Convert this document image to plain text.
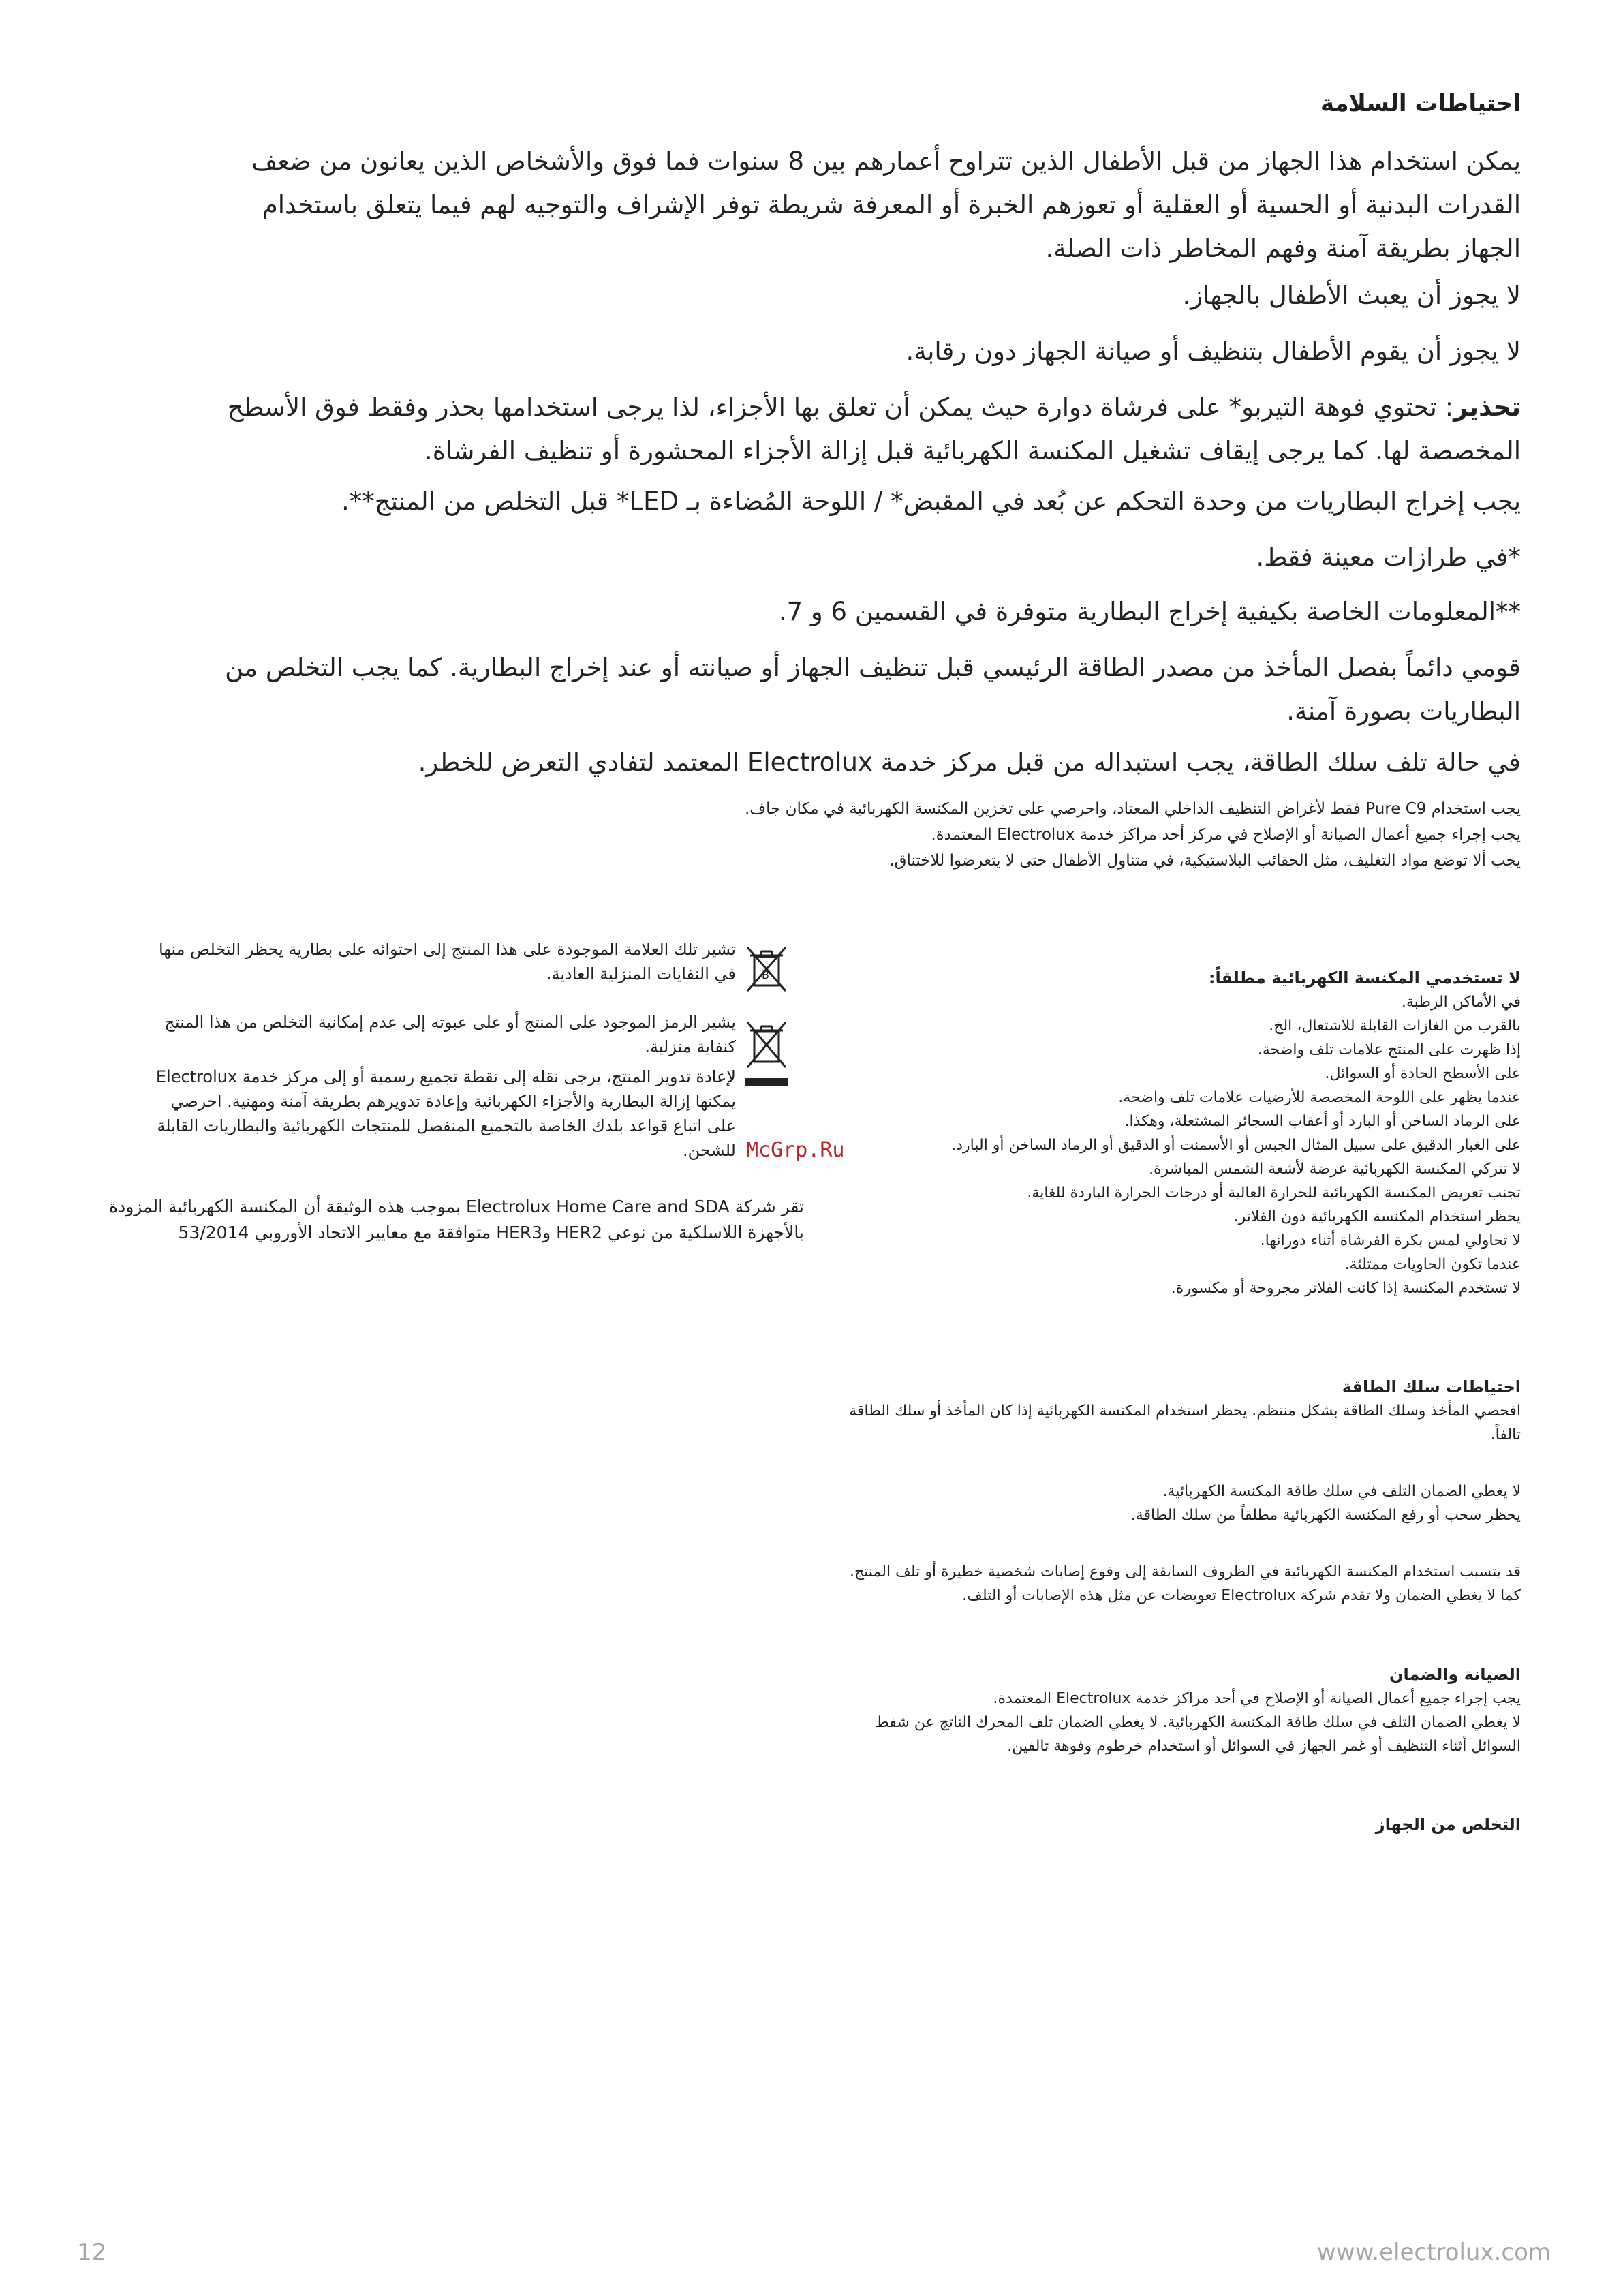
احتياطات السلامة

يمكن استخدام هذا الجهاز من قبل الأطفال الذين تتراوح أعمارهم بين 8 سنوات فما فوق والأشخاص الذين يعانون من ضعف القدرات البدنية أو الحسية أو العقلية أو تعوزهم الخبرة أو المعرفة شريطة توفر الإشراف والتوجيه لهم فيما يتعلق باستخدام الجهاز بطريقة آمنة وفهم المخاطر ذات الصلة.

لا يجوز أن يعبث الأطفال بالجهاز.

لا يجوز أن يقوم الأطفال بتنظيف أو صيانة الجهاز دون رقابة.

تحذير: تحتوي فوهة التيربو* على فرشاة دوارة حيث يمكن أن تعلق بها الأجزاء، لذا يرجى استخدامها بحذر وفقط فوق الأسطح المخصصة لها. كما يرجى إيقاف تشغيل المكنسة الكهربائية قبل إزالة الأجزاء المحشورة أو تنظيف الفرشاة.

يجب إخراج البطاريات من وحدة التحكم عن بُعد في المقبض* / اللوحة المُضاءة بـ LED* قبل التخلص من المنتج**.

*في طرازات معينة فقط.

**المعلومات الخاصة بكيفية إخراج البطارية متوفرة في القسمين 6 و 7.

قومي دائماً بفصل المأخذ من مصدر الطاقة الرئيسي قبل تنظيف الجهاز أو صيانته أو عند إخراج البطارية. كما يجب التخلص من البطاريات بصورة آمنة.

في حالة تلف سلك الطاقة، يجب استبداله من قبل مركز خدمة Electrolux المعتمد لتفادي التعرض للخطر.

يجب استخدام Pure C9 فقط لأغراض التنظيف الداخلي المعتاد، واحرصي على تخزين المكنسة الكهربائية في مكان جاف.
يجب إجراء جميع أعمال الصيانة أو الإصلاح في مركز أحد مراكز خدمة Electrolux المعتمدة.
يجب ألا توضع مواد التغليف، مثل الحقائب البلاستيكية، في متناول الأطفال حتى لا يتعرضوا للاختناق.
لا تستخدمي المكنسة الكهربائية مطلقاً:
في الأماكن الرطبة.
بالقرب من الغازات القابلة للاشتعال، الخ.
إذا ظهرت على المنتج علامات تلف واضحة.
على الأسطح الحادة أو السوائل.
عندما يظهر على اللوحة المخصصة للأرضيات علامات تلف واضحة.
على الرماد الساخن أو البارد أو أعقاب السجائر المشتعلة، وهكذا.
على الغبار الدقيق على سبيل المثال الجبس أو الأسمنت أو الدقيق أو الرماد الساخن أو البارد.
لا تتركي المكنسة الكهربائية عرضة لأشعة الشمس المباشرة.
تجنب تعريض المكنسة الكهربائية للحرارة العالية أو درجات الحرارة الباردة للغاية.
يحظر استخدام المكنسة الكهربائية دون الفلاتر.
لا تحاولي لمس بكرة الفرشاة أثناء دورانها.
عندما تكون الحاويات ممتلئة.
لا تستخدم المكنسة إذا كانت الفلاتر مجروحة أو مكسورة.
احتياطات سلك الطاقة
افحصي المأخذ وسلك الطاقة بشكل منتظم. يحظر استخدام المكنسة الكهربائية إذا كان المأخذ أو سلك الطاقة تالفاً.
لا يغطي الضمان التلف في سلك طاقة المكنسة الكهربائية.
يحظر سحب أو رفع المكنسة الكهربائية مطلقاً من سلك الطاقة.
قد يتسبب استخدام المكنسة الكهربائية في الظروف السابقة إلى وقوع إصابات شخصية خطيرة أو تلف المنتج. كما لا يغطي الضمان ولا تقدم شركة Electrolux تعويضات عن مثل هذه الإصابات أو التلف.
الصيانة والضمان
يجب إجراء جميع أعمال الصيانة أو الإصلاح في أحد مراكز خدمة Electrolux المعتمدة.
لا يغطي الضمان التلف في سلك طاقة المكنسة الكهربائية. لا يغطي الضمان تلف المحرك الناتج عن شفط السوائل أثناء التنظيف أو غمر الجهاز في السوائل أو استخدام خرطوم وفوهة تالفين.
التخلص من الجهاز
تشير تلك العلامة الموجودة على هذا المنتج إلى احتوائه على بطارية يحظر التخلص منها في النفايات المنزلية العادية. B
يشير الرمز الموجود على المنتج أو على عبوته إلى عدم إمكانية التخلص من هذا المنتج كنفاية منزلية.
لإعادة تدوير المنتج، يرجى نقله إلى نقطة تجميع رسمية أو إلى مركز خدمة Electrolux يمكنها إزالة البطارية والأجزاء الكهربائية وإعادة تدويرهم بطريقة آمنة ومهنية. احرصي على اتباع قواعد بلدك الخاصة بالتجميع المنفصل للمنتجات الكهربائية والبطاريات القابلة للشحن.
تقر شركة Electrolux Home Care and SDA بموجب هذه الوثيقة أن المكنسة الكهربائية المزودة بالأجهزة اللاسلكية من نوعي HER2 وHER3 متوافقة مع معايير الاتحاد الأوروبي 53/2014
McGrp.Ru
12	www.electrolux.com
